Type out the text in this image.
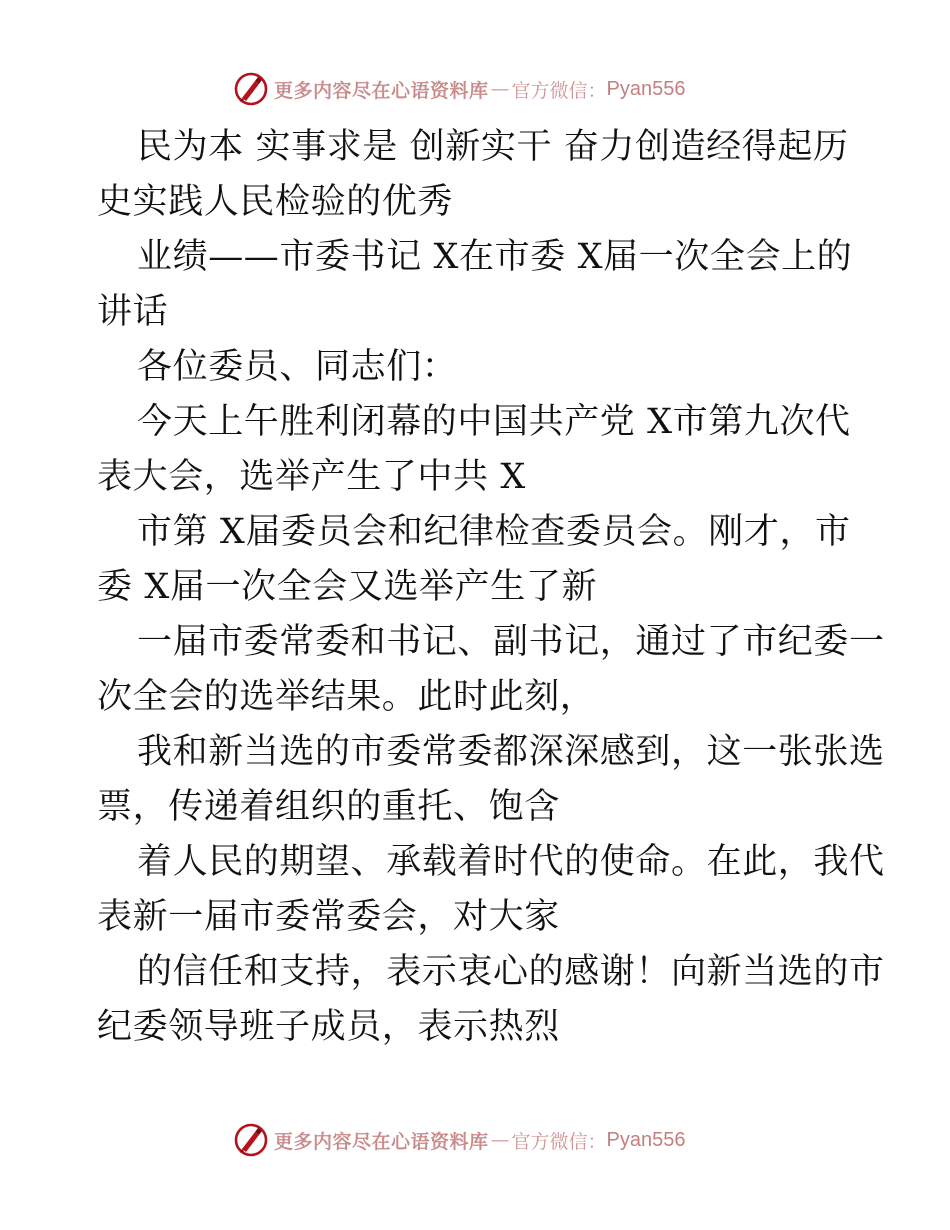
更多内容尽在心语资料库 — 官方微信： Pyan556

民为本 实事求是 创新实干 奋力创造经得起历
史实践人民检验的优秀

业绩——市委书记 X在市委 X届一次全会上的
讲话

各位委员、同志们：

今天上午胜利闭幕的中国共产党 X市第九次代
表大会，选举产生了中共 X

市第 X届委员会和纪律检查委员会。刚才，市
委 X届一次全会又选举产生了新

一届市委常委和书记、副书记，通过了市纪委一
次全会的选举结果。此时此刻，

我和新当选的市委常委都深深感到，这一张张选
票，传递着组织的重托、饱含

着人民的期望、承载着时代的使命。在此，我代
表新一届市委常委会，对大家

的信任和支持，表示衷心的感谢！向新当选的市
纪委领导班子成员，表示热烈

更多内容尽在心语资料库 — 官方微信： Pyan556
